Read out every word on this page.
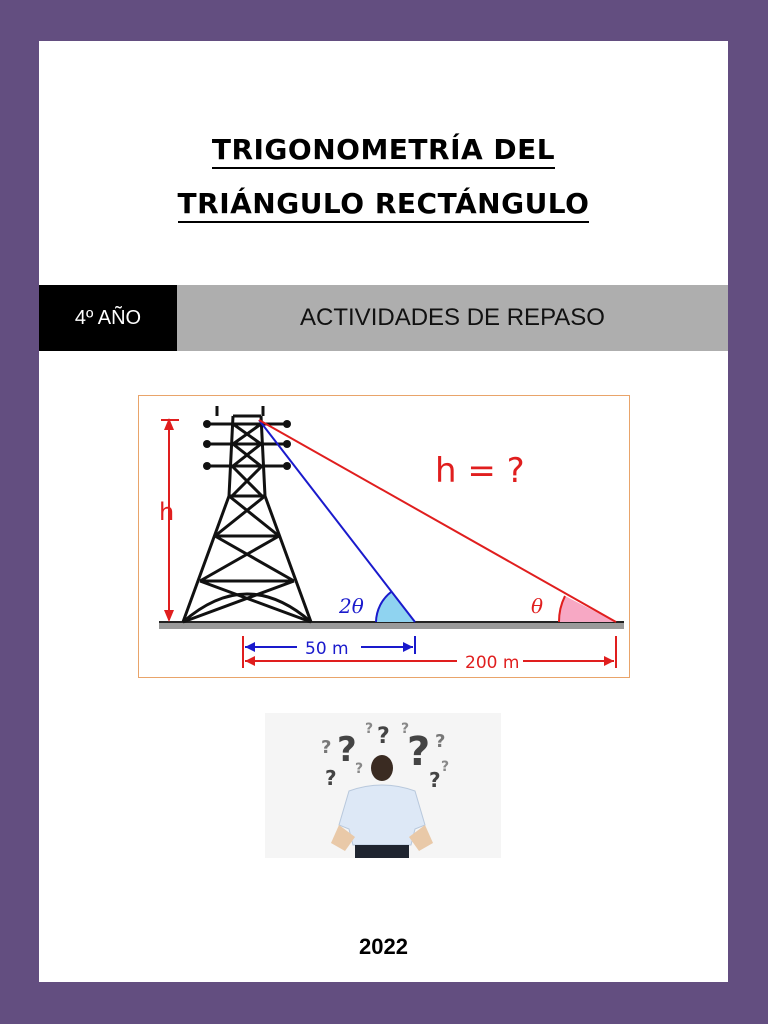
TRIGONOMETRÍA DEL
TRIÁNGULO RECTÁNGULO
4º AÑO	ACTIVIDADES DE REPASO
h
h = ?
2θ	θ
50 m
200 m
? ?
?
?	?
?	?
? ?
?	?
2022
